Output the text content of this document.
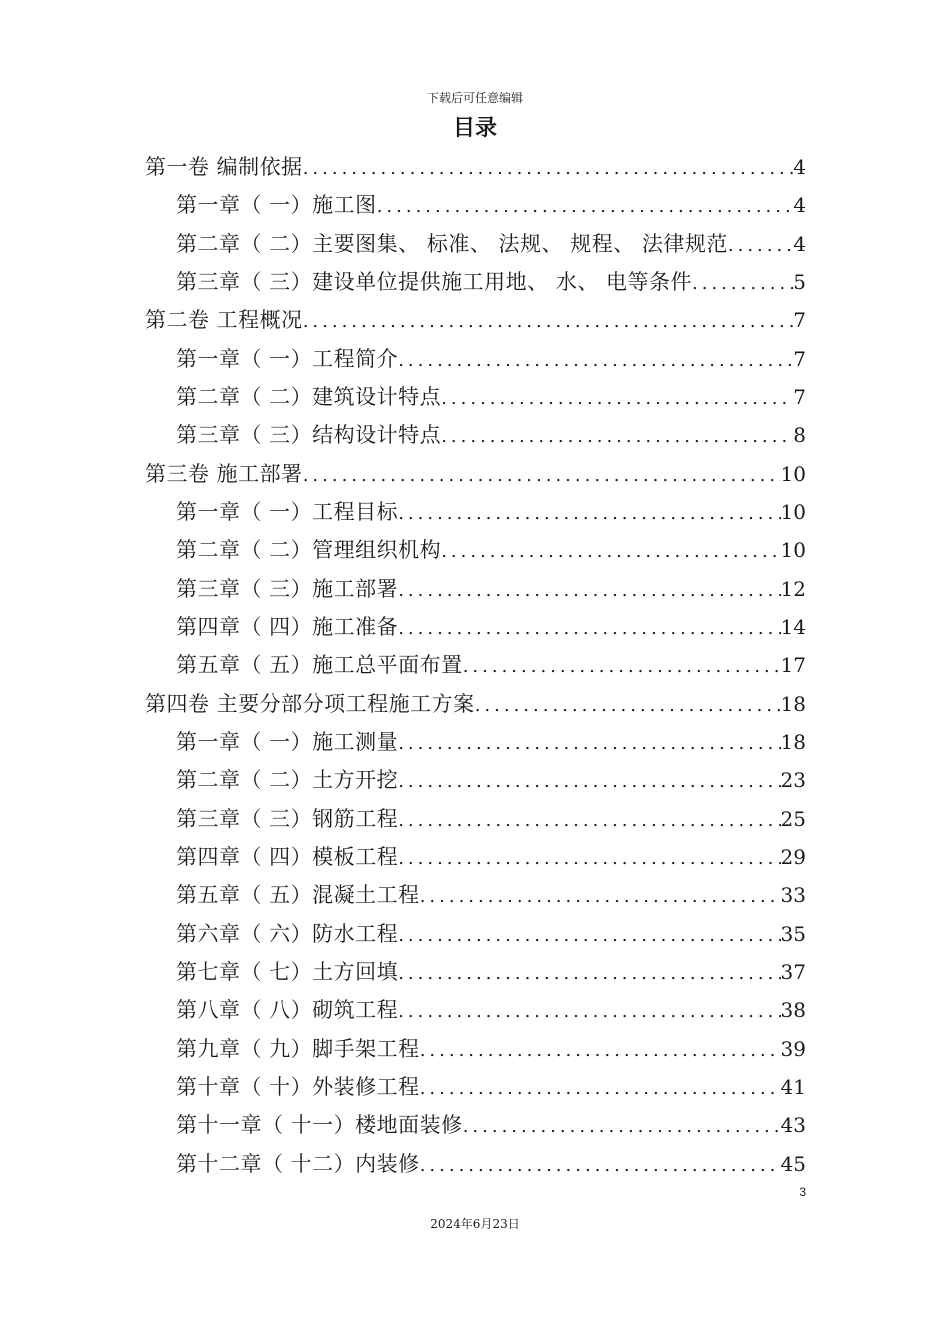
下载后可任意编辑
目录
第一卷 编制依据 .....	4
第一章（ 一）施工图 .....	4
第二章（ 二）主要图集、 标准、 法规、 规程、 法律规范 .....	4
第三章（ 三）建设单位提供施工用地、 水、 电等条件 .....	5
第二卷 工程概况 .....	7
第一章（ 一）工程简介 .....	7
第二章（ 二）建筑设计特点 .....	7
第三章（ 三）结构设计特点 .....	8
第三卷 施工部署 .....	10
第一章（ 一）工程目标 .....	10
第二章（ 二）管理组织机构 .....	10
第三章（ 三）施工部署 .....	12
第四章（ 四）施工准备 .....	14
第五章（ 五）施工总平面布置 .....	17
第四卷 主要分部分项工程施工方案 .....	18
第一章（ 一）施工测量 .....	18
第二章（ 二）土方开挖 .....	23
第三章（ 三）钢筋工程 .....	25
第四章（ 四）模板工程 .....	29
第五章（ 五）混凝土工程 .....	33
第六章（ 六）防水工程 .....	35
第七章（ 七）土方回填 .....	37
第八章（ 八）砌筑工程 .....	38
第九章（ 九）脚手架工程 .....	39
第十章（ 十）外装修工程 .....	41
第十一章（ 十一）楼地面装修 .....	43
第十二章（ 十二）内装修 .....	45
3
2024年6月23日
